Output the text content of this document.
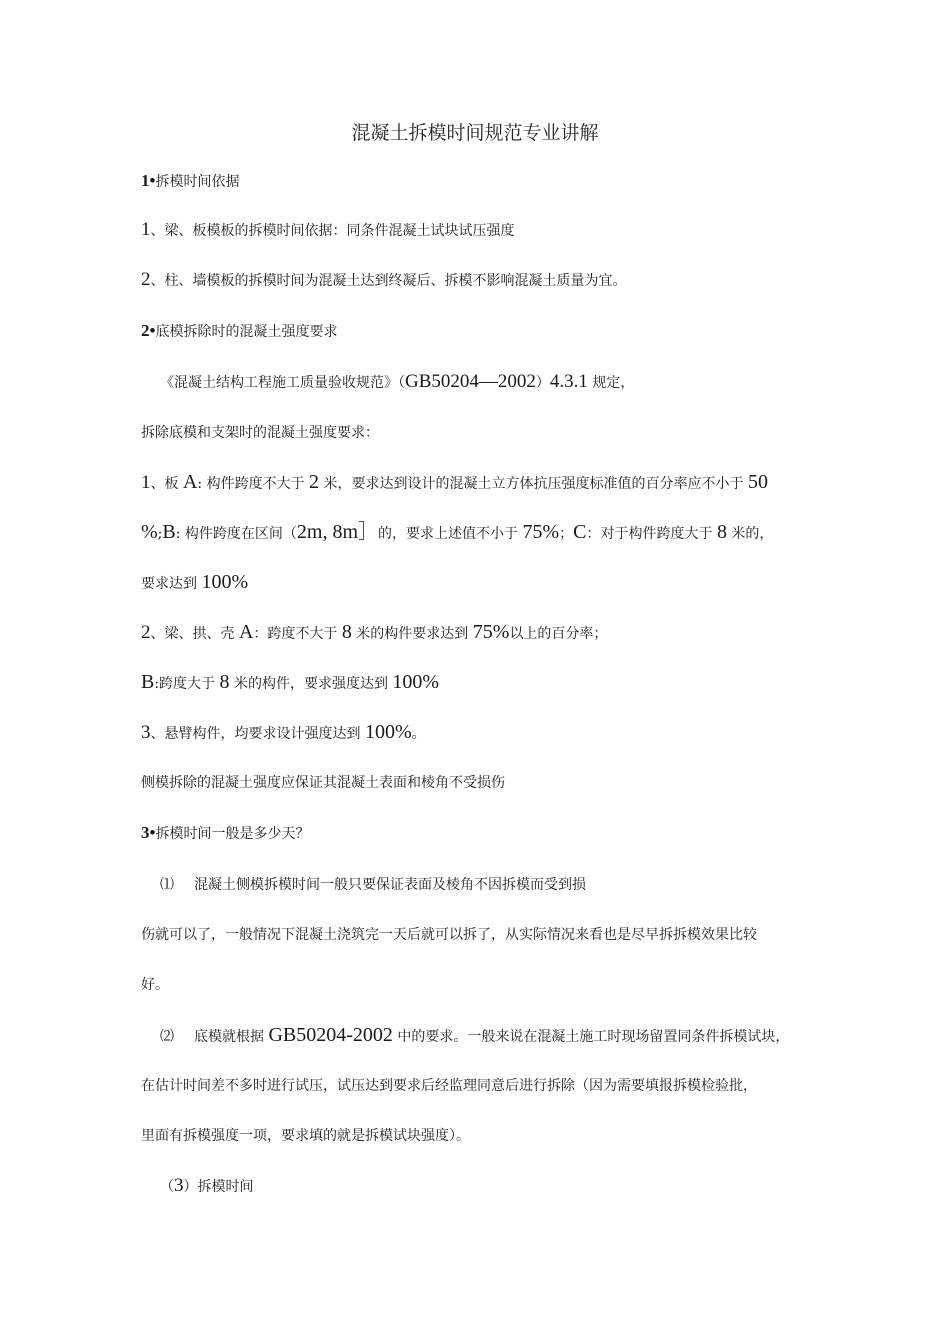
混凝土拆模时间规范专业讲解
1•拆模时间依据
1、梁、板模板的拆模时间依据：同条件混凝土试块试压强度
2、柱、墙模板的拆模时间为混凝土达到终凝后、拆模不影响混凝土质量为宜。
2•底模拆除时的混凝土强度要求
《混凝土结构工程施工质量验收规范》（GB50204—2002）4.3.1 规定，
拆除底模和支架时的混凝土强度要求：
1、板 A: 构件跨度不大于 2 米，要求达到设计的混凝土立方体抗压强度标准值的百分率应不小于 50
%;B: 构件跨度在区间（2m, 8m］的，要求上述值不小于 75%；C：对于构件跨度大于 8 米的，
要求达到 100%
2、梁、拱、壳 A：跨度不大于 8 米的构件要求达到 75%以上的百分率；
B:跨度大于 8 米的构件，要求强度达到 100%
3、悬臂构件，均要求设计强度达到 100%。
侧模拆除的混凝土强度应保证其混凝土表面和棱角不受损伤
3•拆模时间一般是多少天？
⑴ 混凝土侧模拆模时间一般只要保证表面及棱角不因拆模而受到损
伤就可以了，一般情况下混凝土浇筑完一天后就可以拆了，从实际情况来看也是尽早拆拆模效果比较
好。
⑵ 底模就根据 GB50204-2002 中的要求。一般来说在混凝土施工时现场留置同条件拆模试块，
在估计时间差不多时进行试压，试压达到要求后经监理同意后进行拆除（因为需要填报拆模检验批，
里面有拆模强度一项，要求填的就是拆模试块强度）。
（3）拆模时间
